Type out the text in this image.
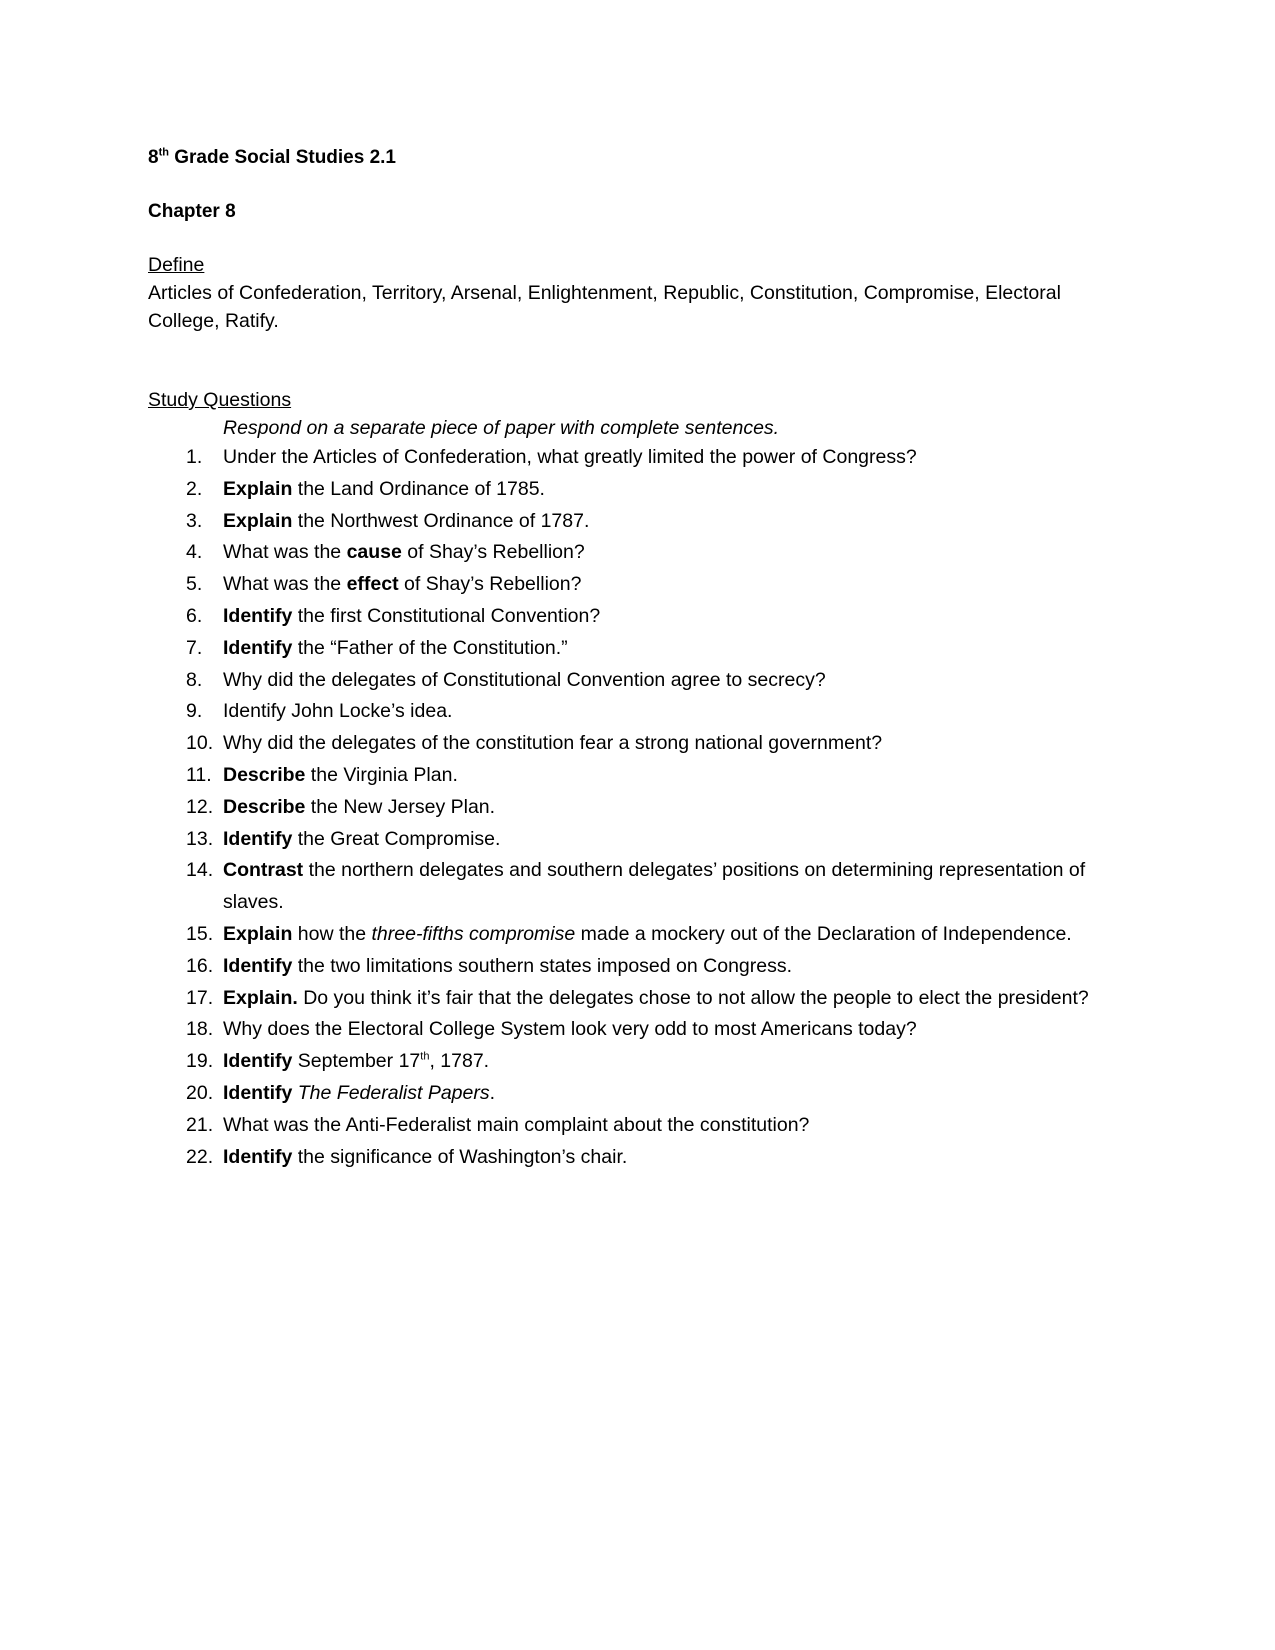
8th Grade Social Studies 2.1
Chapter 8
Define
Articles of Confederation, Territory, Arsenal, Enlightenment, Republic, Constitution, Compromise, Electoral College, Ratify.
Study Questions
Respond on a separate piece of paper with complete sentences.
1.	Under the Articles of Confederation, what greatly limited the power of Congress?
2.	Explain the Land Ordinance of 1785.
3.	Explain the Northwest Ordinance of 1787.
4.	What was the cause of Shay’s Rebellion?
5.	What was the effect of Shay’s Rebellion?
6.	Identify the first Constitutional Convention?
7.	Identify the “Father of the Constitution.”
8.	Why did the delegates of Constitutional Convention agree to secrecy?
9.	Identify John Locke’s idea.
10. Why did the delegates of the constitution fear a strong national government?
11. Describe the Virginia Plan.
12. Describe the New Jersey Plan.
13. Identify the Great Compromise.
14. Contrast the northern delegates and southern delegates’ positions on determining representation of slaves.
15. Explain how the three-fifths compromise made a mockery out of the Declaration of Independence.
16. Identify the two limitations southern states imposed on Congress.
17. Explain. Do you think it’s fair that the delegates chose to not allow the people to elect the president?
18. Why does the Electoral College System look very odd to most Americans today?
19. Identify September 17th, 1787.
20. Identify The Federalist Papers.
21. What was the Anti-Federalist main complaint about the constitution?
22. Identify the significance of Washington’s chair.
